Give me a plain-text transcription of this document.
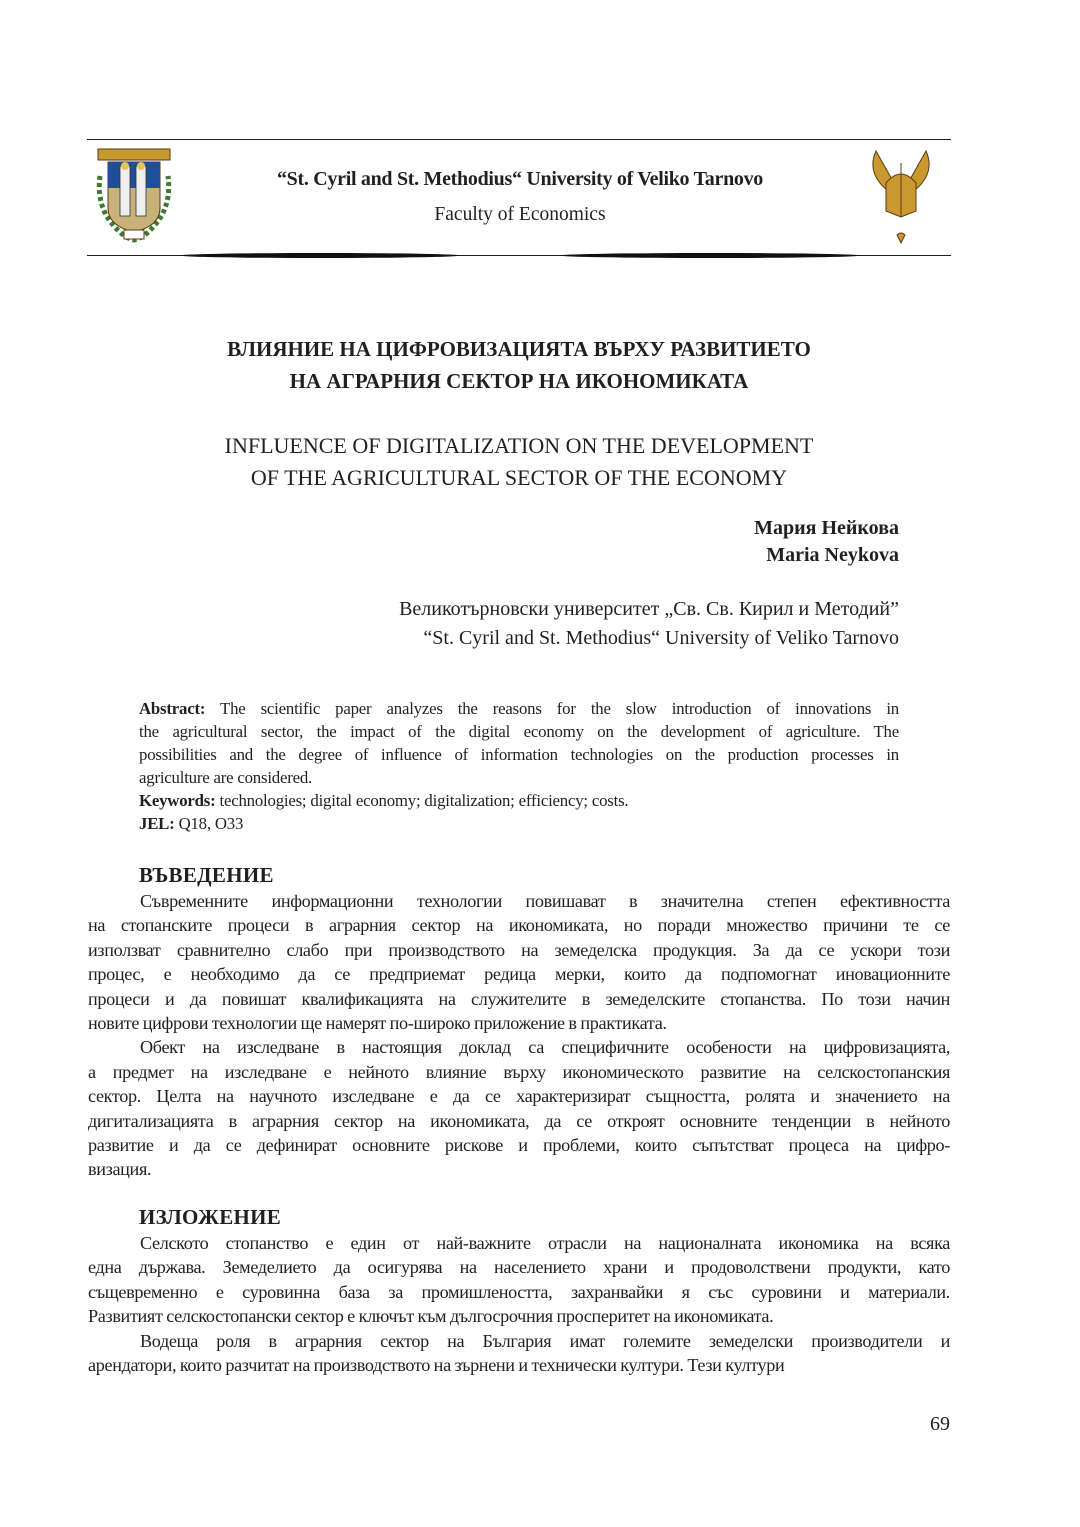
“St. Cyril and St. Methodius“ University of Veliko Tarnovo
Faculty of Economics
ВЛИЯНИЕ НА ЦИФРОВИЗАЦИЯТА ВЪРХУ РАЗВИТИЕТО
НА АГРАРНИЯ СЕКТОР НА ИКОНОМИКАТА
INFLUENCE OF DIGITALIZATION ON THE DEVELOPMENT
OF THE AGRICULTURAL SECTOR OF THE ECONOMY
Мария Нейкова
Maria Neykova
Великотърновски университет „Св. Св. Кирил и Методий”
“St. Cyril and St. Methodius“ University of Veliko Tarnovo
Abstract: The scientific paper analyzes the reasons for the slow introduction of innovations in
the agricultural sector, the impact of the digital economy on the development of agriculture. The
possibilities and the degree of influence of information technologies on the production processes in
agriculture are considered.
Keywords: technologies; digital economy; digitalization; efficiency; costs.
JEL: Q18, O33
ВЪВЕДЕНИЕ
Съвременните информационни технологии повишават в значителна степен ефективността
на стопанските процеси в аграрния сектор на икономиката, но поради множество причини те се
използват сравнително слабо при производството на земеделска продукция. За да се ускори този
процес, е необходимо да се предприемат редица мерки, които да подпомогнат иновационните
процеси и да повишат квалификацията на служителите в земеделските стопанства. По този начин
новите цифрови технологии ще намерят по-широко приложение в практиката.
Обект на изследване в настоящия доклад са специфичните особености на цифровизацията,
а предмет на изследване е нейното влияние върху икономическото развитие на селскостопанския
сектор. Целта на научното изследване е да се характеризират същността, ролята и значението на
дигитализацията в аграрния сектор на икономиката, да се откроят основните тенденции в нейното
развитие и да се дефинират основните рискове и проблеми, които съпътстват процеса на цифро-
визация.
ИЗЛОЖЕНИЕ
Селското стопанство е един от най-важните отрасли на националната икономика на всяка
една държава. Земеделието да осигурява на населението храни и продоволствени продукти, като
същевременно е суровинна база за промишлеността, захранвайки я със суровини и материали.
Развитият селскостопански сектор е ключът към дългосрочния просперитет на икономиката.
Водеща роля в аграрния сектор на България имат големите земеделски производители и
арендатори, които разчитат на производството на зърнени и технически култури. Тези култури
69
